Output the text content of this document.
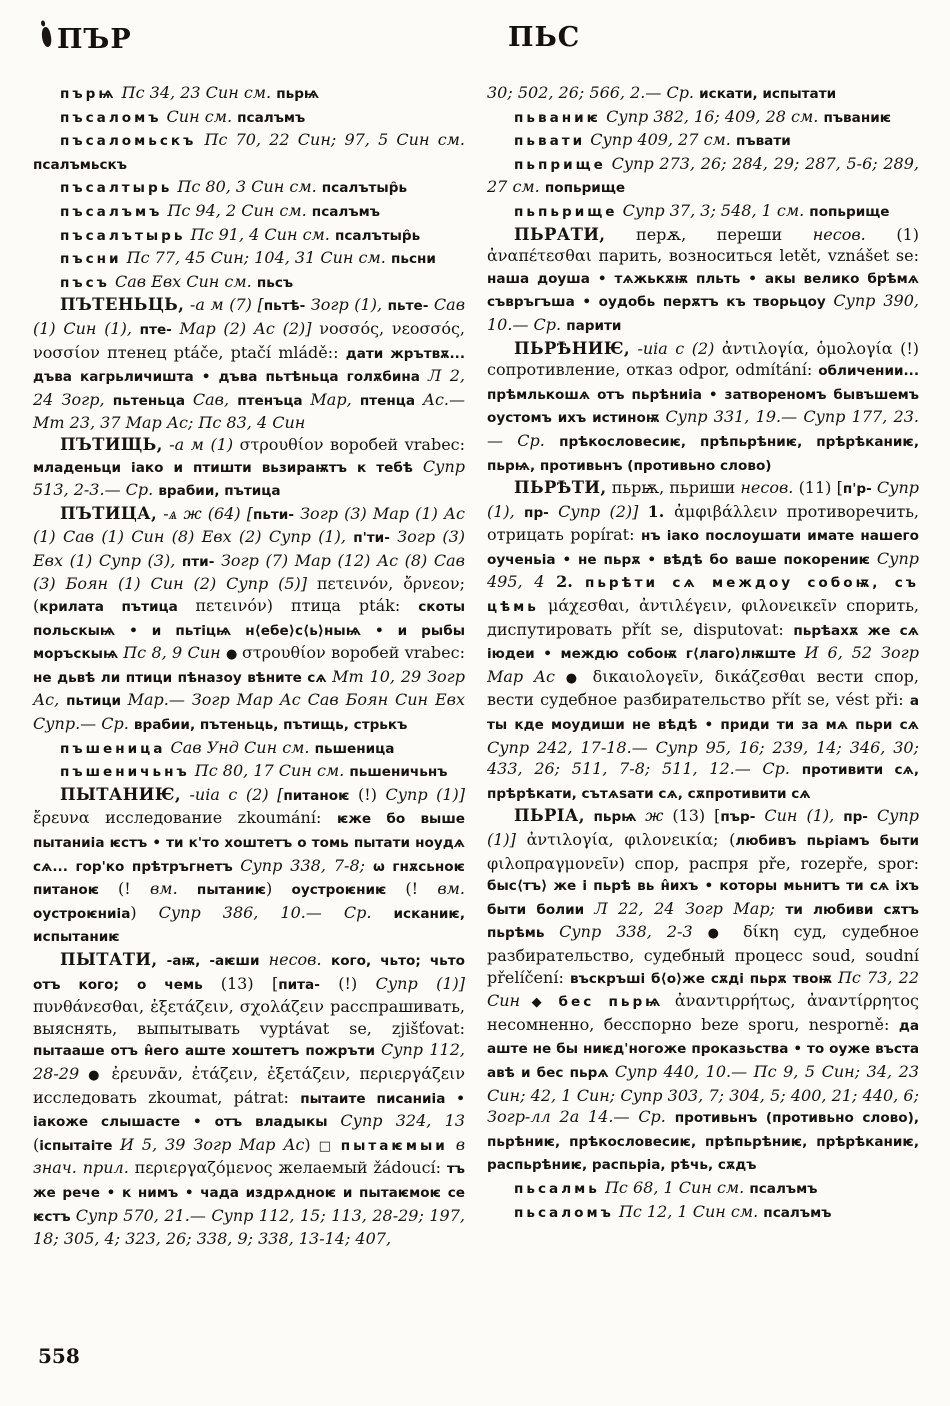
ПЪР	ПЬС

пърѩ Пс 34, 23 Син см. пьрѩ

пъсаломъ Син см. псалъмъ

пъсаломьскъ Пс 70, 22 Син; 97, 5 Син см. псалъмьскъ

пъсалтырь Пс 80, 3 Син см. псалътыр̑ь

пъсалъмъ Пс 94, 2 Син см. псалъмъ

пъсалътырь Пс 91, 4 Син см. псалътыр̑ь

пъсни Пс 77, 45 Син; 104, 31 Син см. пьсни

пъсъ Сав Евх Син см. пьсъ

ПЪТЕНЬЦЬ, -а м (7) [пьтѣ- Зогр (1), пьте- Сав (1) Син (1), пте- Мар (2) Ас (2)] νοσσός, νεοσσός, νοσσίον птенец ptáče, ptačí mládě:: дати жрътвѫ... дъва кагрьличишта • дъва пьтѣньца голѫбина Л 2, 24 Зогр, пьтеньца Сав, птенъца Мар, птенца Ас.— Мт 23, 37 Мар Ас; Пс 83, 4 Син

ПЪТИЩЬ, -а м (1) στρουθίον воробей vrabec: младеньци іако и птишти вьзираѭтъ к тебѣ Супр 513, 2-3.— Ср. врабии, пътица

ПЪТИЦА, -ѧ ж (64) [пьти- Зогр (3) Мар (1) Ас (1) Сав (1) Син (8) Евх (2) Супр (1), п'ти- Зогр (3) Евх (1) Супр (3), пти- Зогр (7) Мар (12) Ас (8) Сав (3) Боян (1) Син (2) Супр (5)] πετεινόν, ὄρνεον; (крилата пътица πετεινόν) птица pták: скоты польскыѩ • и пьтіцѩ н⟨ебе⟩с⟨ь⟩ныѩ • и рыбы моръскыѩ Пс 8, 9 Син ● στρουθίον воробей vrabec: не дьвѣ ли птици пѣназоу вѣните сѧ Мт 10, 29 Зогр Ас, пьтици Мар.— Зогр Мар Ас Сав Боян Син Евх Супр.— Ср. врабии, пътеньць, пътищь, стрькъ

пъшеница Сав Унд Син см. пьшеница

пъшеничьнъ Пс 80, 17 Син см. пьшеничьнъ

ПЫТАНИѤ, -иіа с (2) [питаноѥ (!) Супр (1)] ἔρευνα исследование zkoumání: ѥже бо выше пытаниіа ѥстъ • ти к'то хоштетъ о томь пытати ноудѧ сѧ... гор'ко прѣтръгнетъ Супр 338, 7-8; ѡ гнѫсьноѥ питаноѥ (! вм. пытаниѥ) оустроѥниѥ (! вм. оустроѥниіа) Супр 386, 10.— Ср. исканиѥ, испытаниѥ

ПЫТАТИ, -аѭ, -аѥши несов. кого, чьто; чьто отъ кого; о чемь (13) [пита- (!) Супр (1)] πυνθάνεσθαι, ἐξετάζειν, σχολάζειν расспрашивать, выяснять, выпытывать vyptávat se, zjišťovat: пытааше отъ н̂его аште хоштетъ пожръти Супр 112, 28-29 ● ἐρευνᾶν, ἐτάζειν, ἐξετάζειν, περιεργάζειν исследовать zkoumat, pátrat: пытаите писаниіа • іакоже слышасте • отъ владыкы Супр 324, 13 (іспытаіте И 5, 39 Зогр Мар Ас) □ пытаѥмыи в знач. прил. περιεργαζόμενος желаемый žádoucí: тъ же рече • к нимъ • чада издрѧдноѥ и пытаѥмоѥ се ѥстъ Супр 570, 21.— Супр 112, 15; 113, 28-29; 197, 18; 305, 4; 323, 26; 338, 9; 338, 13-14; 407,

30; 502, 26; 566, 2.— Ср. искати, испытати

пьваниѥ Супр 382, 16; 409, 28 см. пъваниѥ

пьвати Супр 409, 27 см. пъвати

пьприще Супр 273, 26; 284, 29; 287, 5-6; 289, 27 см. попьрище

пьпьрище Супр 37, 3; 548, 1 см. попьрище

ПЬРАТИ, перѫ, переши несов. (1) ἀναπέτεσθαι парить, возноситься letět, vznášet se: наша доуша • тѧжькѫѭ пльть • акы велико брѣмѧ съвръгъша • оудобь перѫтъ къ творьцоу Супр 390, 10.— Ср. парити

ПЬРѢНИѤ, -иіа с (2) ἀντιλογία, ὁμολογία (!) сопротивление, отказ odpor, odmítání: обличении... прѣмлькошѧ отъ пьрѣниіа • затвореномъ бывъшемъ оустомъ ихъ истиноѭ Супр 331, 19.— Супр 177, 23.— Ср. прѣкословесиѥ, прѣпьрѣниѥ, прѣрѣканиѥ, пьрѩ, противьнъ (противьно слово)

ПЬРѢТИ, пьрѭ, пьриши несов. (11) [п'р- Супр (1), пр- Супр (2)] 1. ἀμφιβάλλειν противоречить, отрицать popírat: нъ іако послоушати имате нашего оученьіа • не пьрѫ • вѣдѣ бо ваше покорениѥ Супр 495, 4 2. пьрѣти сѧ междоу собоѭ, съ цѣмь μάχεσθαι, ἀντιλέγειν, φιλονεικεῖν спорить, диспутировать přít se, disputovat: пьрѣахѫ же сѧ іюдеи • междю собоѭ г⟨лаго⟩лѭште И 6, 52 Зогр Мар Ас ● δικαιολογεῖν, δικάζεσθαι вести спор, вести судебное разбирательство přít se, vést při: а ты кде моудиши не вѣдѣ • приди ти за мѧ пьри сѧ Супр 242, 17-18.— Супр 95, 16; 239, 14; 346, 30; 433, 26; 511, 7-8; 511, 12.— Ср. противити сѧ, прѣрѣкати, сътѧѕати сѧ, сѫпротивити сѧ

ПЬРІА, пьрѩ ж (13) [пър- Син (1), пр- Супр (1)] ἀντιλογία, φιλονεικία; (любивъ пьріамъ быти φιλοπραγμονεῖν) спор, распря pře, rozepře, spor: быс⟨тъ⟩ же і пьрѣ вь н̂ихъ • которы мьнитъ ти сѧ іхъ быти болии Л 22, 24 Зогр Мар; ти любиви сѫтъ пьрѣмь Супр 338, 2-3 ● δίκη суд, судебное разбирательство, судебный процесс soud, soudní přelíčení: въскръші б⟨о⟩же сѫді пьрѫ твоѭ Пс 73, 22 Син ◆ бес пьрѩ ἀναντιρρήτως, ἀναντίρρητος несомненно, бесспорно beze sporu, nesporně: да аште не бы ниѥд'ногоже проказьства • то оуже въста авѣ и бес пьрѧ Супр 440, 10.— Пс 9, 5 Син; 34, 23 Син; 42, 1 Син; Супр 303, 7; 304, 5; 400, 21; 440, 6; Зогр-лл 2а 14.— Ср. противьнъ (противьно слово), пьрѣниѥ, прѣкословесиѥ, прѣпьрѣниѥ, прѣрѣканиѥ, распьрѣниѥ, распьріа, рѣчь, сѫдъ

пьсалмь Пс 68, 1 Син см. псалъмъ

пьсаломъ Пс 12, 1 Син см. псалъмъ

558
